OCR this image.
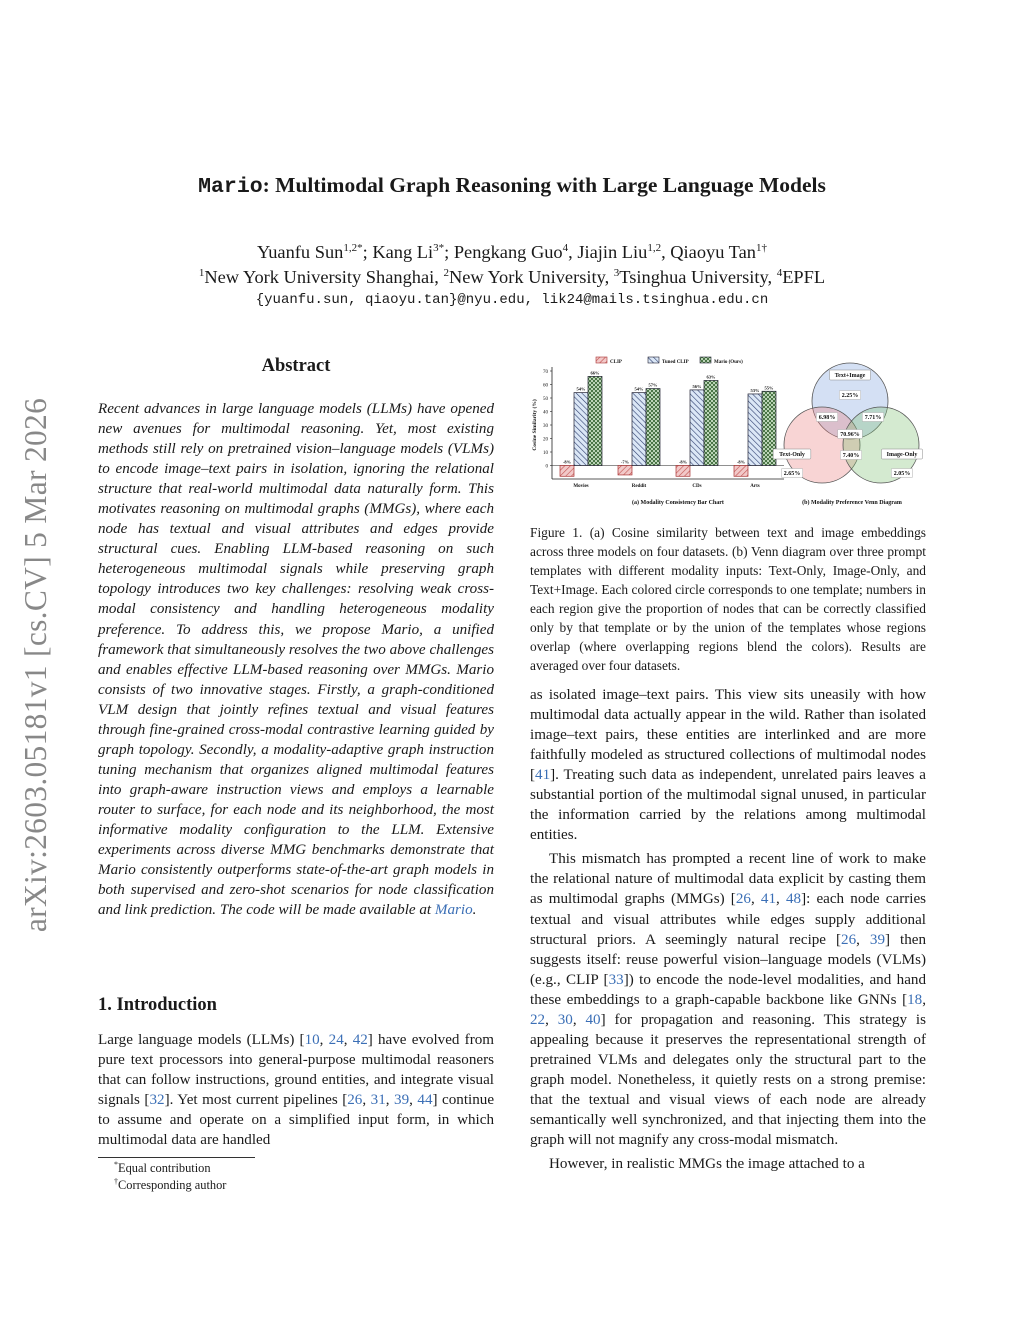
arXiv:2603.05181v1 [cs.CV] 5 Mar 2026
Mario: Multimodal Graph Reasoning with Large Language Models
Yuanfu Sun$^{1,2*}$; Kang $Li^{3*}$; Pengkang Guo$^4$, Jiajin Liu$^{1,2}$, Qiaoyu Tan$^{1\dagger}$
$^1$New York University Shanghai, $^2$New York University, $^3$Tsinghua University, $^4$EPFL
{yuanfu.sun, qiaoyu.tan}@nyu.edu, lik24@mails.tsinghua.edu.cn
Abstract
Recent advances in large language models (LLMs) have opened new avenues for multimodal reasoning. Yet, most existing methods still rely on pretrained vision–language models (VLMs) to encode image–text pairs in isolation, ignoring the relational structure that real-world multimodal data naturally form. This motivates reasoning on multimodal graphs (MMGs), where each node has textual and visual attributes and edges provide structural cues. Enabling LLM-based reasoning on such heterogeneous multimodal signals while preserving graph topology introduces two key challenges: resolving weak cross-modal consistency and handling heterogeneous modality preference. To address this, we propose Mario, a unified framework that simultaneously resolves the two above challenges and enables effective LLM-based reasoning over MMGs. Mario consists of two innovative stages. Firstly, a graph-conditioned VLM design that jointly refines textual and visual features through fine-grained cross-modal contrastive learning guided by graph topology. Secondly, a modality-adaptive graph instruction tuning mechanism that organizes aligned multimodal features into graph-aware instruction views and employs a learnable router to surface, for each node and its neighborhood, the most informative modality configuration to the LLM. Extensive experiments across diverse MMG benchmarks demonstrate that Mario consistently outperforms state-of-the-art graph models in both supervised and zero-shot scenarios for node classification and link prediction. The code will be made available at Mario.
1. Introduction
Large language models (LLMs) [10, 24, 42] have evolved from pure text processors into general-purpose multimodal reasoners that can follow instructions, ground entities, and integrate visual signals [32]. Yet most current pipelines [26, 31, 39, 44] continue to assume and operate on a simplified input form, in which multimodal data are handled
*Equal contribution
†Corresponding author
CLIP	Tuned CLIP	Mario (Ours)
Cosine Similarity (%)
70
60
50
40
30
20
10
0
-8%
54%
66%
Movies
-7%
54%
57%
Reddit
-8%
56%
63%
CDs
-8%
53%
55%
Arts
(a) Modality Consistency Bar Chart
Text+Image
Text-Only	Image-Only
2.25%
2.65%	2.05%
6.98%	7.71%
7.40%
70.96%
(b) Modality Preference Venn Diagram
Figure 1. (a) Cosine similarity between text and image embeddings across three models on four datasets. (b) Venn diagram over three prompt templates with different modality inputs: Text-Only, Image-Only, and Text+Image. Each colored circle corresponds to one template; numbers in each region give the proportion of nodes that can be correctly classified only by that template or by the union of the templates whose regions overlap (where overlapping regions blend the colors). Results are averaged over four datasets.

as isolated image–text pairs. This view sits uneasily with how multimodal data actually appear in the wild. Rather than isolated image–text pairs, these entities are interlinked and are more faithfully modeled as structured collections of multimodal nodes [41]. Treating such data as independent, unrelated pairs leaves a substantial portion of the multimodal signal unused, in particular the information carried by the relations among multimodal entities.

This mismatch has prompted a recent line of work to make the relational nature of multimodal data explicit by casting them as multimodal graphs (MMGs) [26, 41, 48]: each node carries textual and visual attributes while edges supply additional structural priors. A seemingly natural recipe [26, 39] then suggests itself: reuse powerful vision–language models (VLMs) (e.g., CLIP [33]) to encode the node-level modalities, and hand these embeddings to a graph-capable backbone like GNNs [18, 22, 30, 40] for propagation and reasoning. This strategy is appealing because it preserves the representational strength of pretrained VLMs and delegates only the structural part to the graph model. Nonetheless, it quietly rests on a strong premise: that the textual and visual views of each node are already semantically well synchronized, and that injecting them into the graph will not magnify any cross-modal mismatch.

However, in realistic MMGs the image attached to a
